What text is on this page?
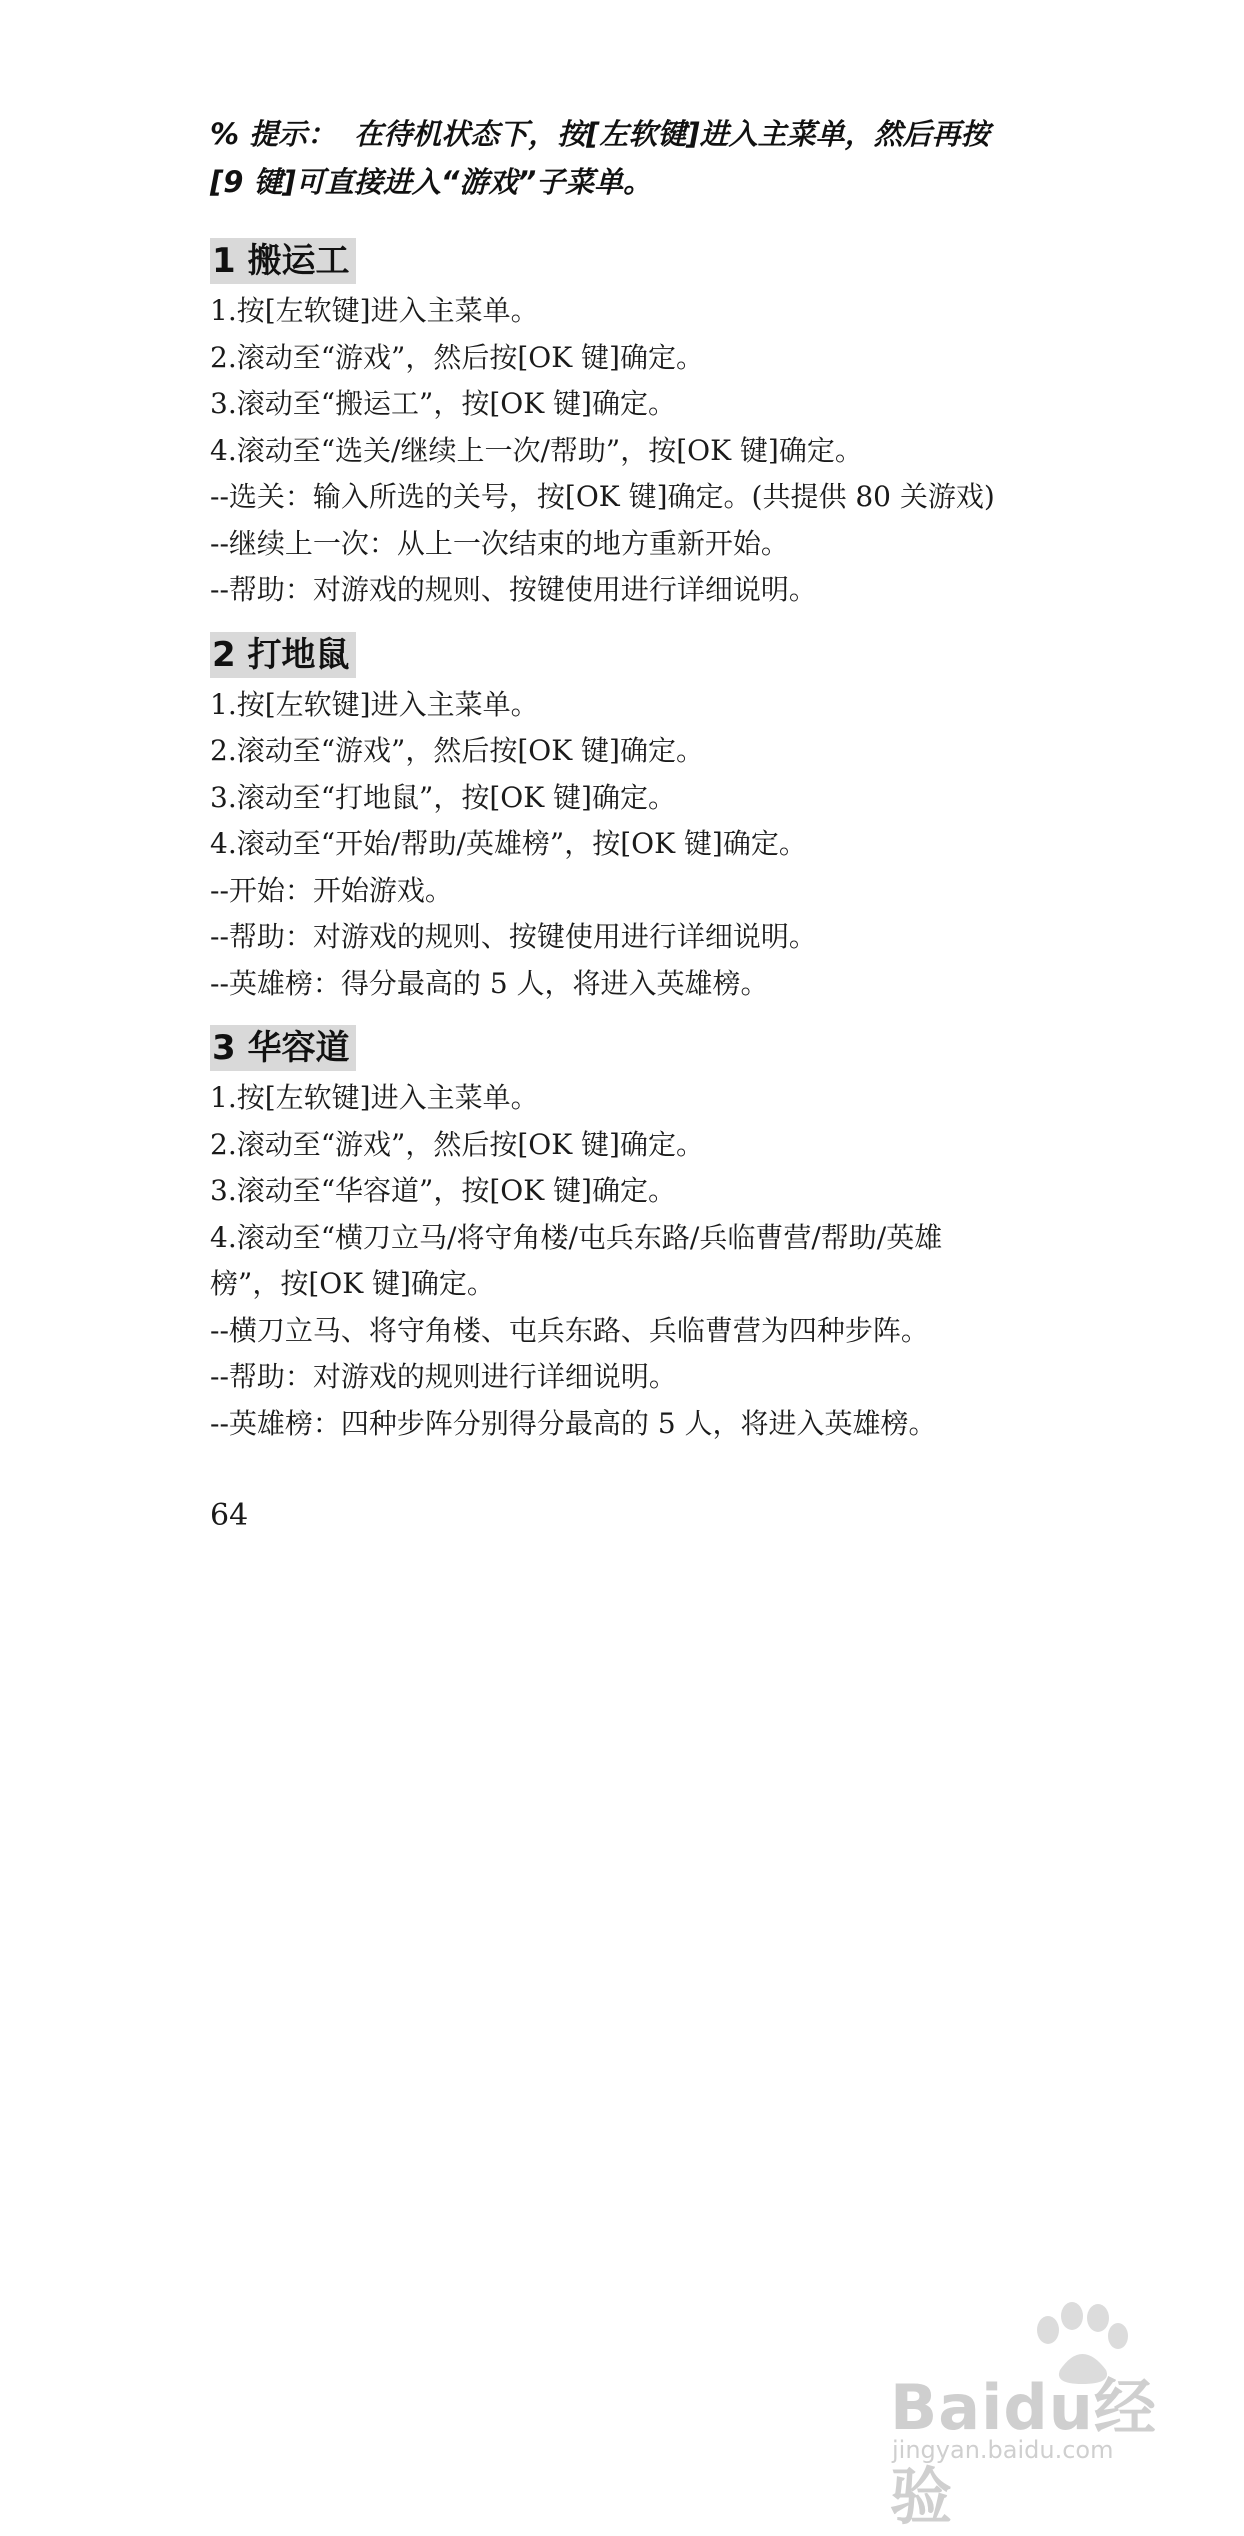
% 提示： 在待机状态下，按[左软键]进入主菜单，然后再按
[9 键]可直接进入“游戏”子菜单。

1 搬运工

1.按[左软键]进入主菜单。

2.滚动至“游戏”，然后按[OK 键]确定。

3.滚动至“搬运工”，按[OK 键]确定。

4.滚动至“选关/继续上一次/帮助”，按[OK 键]确定。

--选关：输入所选的关号，按[OK 键]确定。(共提供 80 关游戏)

--继续上一次：从上一次结束的地方重新开始。

--帮助：对游戏的规则、按键使用进行详细说明。

2 打地鼠

1.按[左软键]进入主菜单。

2.滚动至“游戏”，然后按[OK 键]确定。

3.滚动至“打地鼠”，按[OK 键]确定。

4.滚动至“开始/帮助/英雄榜”，按[OK 键]确定。

--开始：开始游戏。

--帮助：对游戏的规则、按键使用进行详细说明。

--英雄榜：得分最高的 5 人，将进入英雄榜。

3 华容道

1.按[左软键]进入主菜单。

2.滚动至“游戏”，然后按[OK 键]确定。

3.滚动至“华容道”，按[OK 键]确定。

4.滚动至“横刀立马/将守角楼/屯兵东路/兵临曹营/帮助/英雄

榜”，按[OK 键]确定。

--横刀立马、将守角楼、屯兵东路、兵临曹营为四种步阵。

--帮助：对游戏的规则进行详细说明。

--英雄榜：四种步阵分别得分最高的 5 人，将进入英雄榜。

64
Baidu经验
jingyan.baidu.com
